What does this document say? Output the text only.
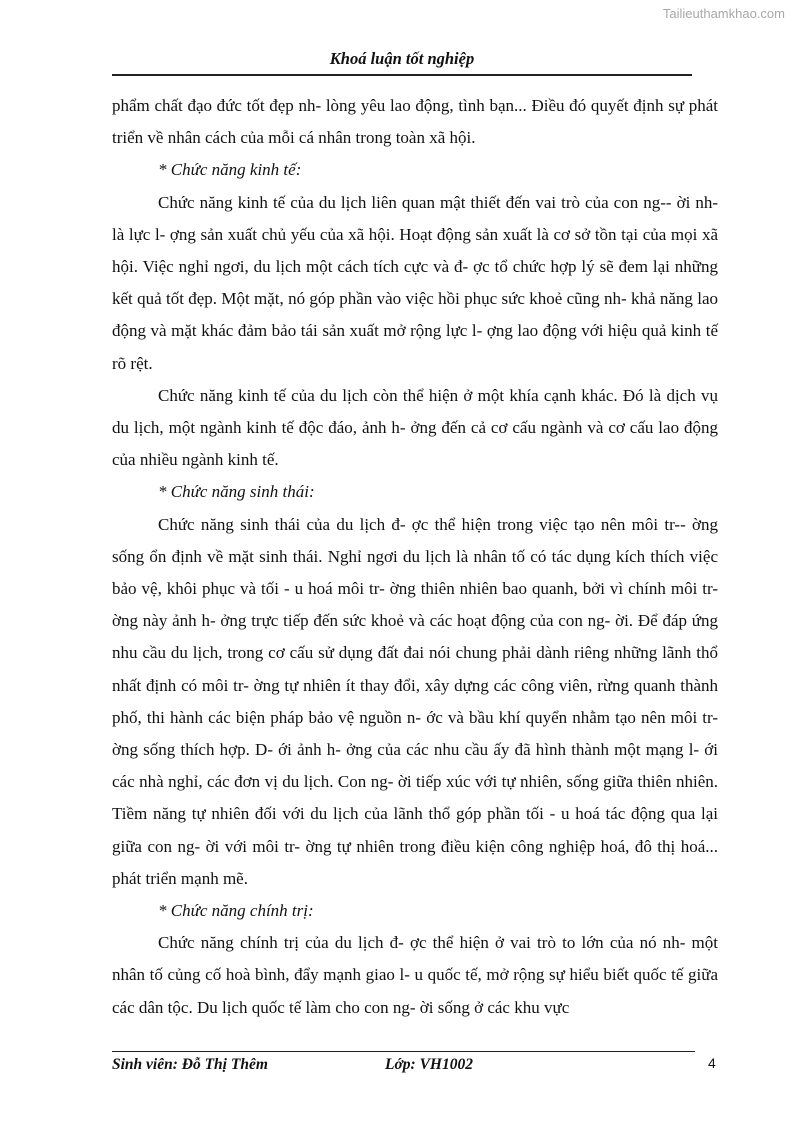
Tailieuthamkhao.com
Khoá luận tốt nghiệp

phẩm chất đạo đức tốt đẹp nh- lòng yêu lao động, tình bạn... Điều đó quyết định sự phát triển về nhân cách của mỗi cá nhân trong toàn xã hội.

* Chức năng kinh tế:

Chức năng kinh tế của du lịch liên quan mật thiết đến vai trò của con ng-- ời nh- là lực l- ợng sản xuất chủ yếu của xã hội. Hoạt động sản xuất là cơ sở tồn tại của mọi xã hội. Việc nghỉ ngơi, du lịch một cách tích cực và đ- ợc tổ chức hợp lý sẽ đem lại những kết quả tốt đẹp. Một mặt, nó góp phần vào việc hồi phục sức khoẻ cũng nh- khả năng lao động và mặt khác đảm bảo tái sản xuất mở rộng lực l- ợng lao động với hiệu quả kinh tế rõ rệt.

Chức năng kinh tế của du lịch còn thể hiện ở một khía cạnh khác. Đó là dịch vụ du lịch, một ngành kinh tế độc đáo, ảnh h- ởng đến cả cơ cấu ngành và cơ cấu lao động của nhiều ngành kinh tế.

* Chức năng sinh thái:

Chức năng sinh thái của du lịch đ- ợc thể hiện trong việc tạo nên môi tr-- ờng sống ổn định về mặt sinh thái. Nghỉ ngơi du lịch là nhân tố có tác dụng kích thích việc bảo vệ, khôi phục và tối - u hoá môi tr- ờng thiên nhiên bao quanh, bởi vì chính môi tr- ờng này ảnh h- ởng trực tiếp đến sức khoẻ và các hoạt động của con ng- ời. Để đáp ứng nhu cầu du lịch, trong cơ cấu sử dụng đất đai nói chung phải dành riêng những lãnh thổ nhất định có môi tr- ờng tự nhiên ít thay đổi, xây dựng các công viên, rừng quanh thành phố, thi hành các biện pháp bảo vệ nguồn n- ớc và bầu khí quyển nhằm tạo nên môi tr- ờng sống thích hợp. D- ới ảnh h- ởng của các nhu cầu ấy đã hình thành một mạng l- ới các nhà nghỉ, các đơn vị du lịch. Con ng- ời tiếp xúc với tự nhiên, sống giữa thiên nhiên. Tiềm năng tự nhiên đối với du lịch của lãnh thổ góp phần tối - u hoá tác động qua lại giữa con ng- ời với môi tr- ờng tự nhiên trong điều kiện công nghiệp hoá, đô thị hoá... phát triển mạnh mẽ.

* Chức năng chính trị:

Chức năng chính trị của du lịch đ- ợc thể hiện ở vai trò to lớn của nó nh- một nhân tố củng cố hoà bình, đẩy mạnh giao l- u quốc tế, mở rộng sự hiểu biết quốc tế giữa các dân tộc. Du lịch quốc tế làm cho con ng- ời sống ở các khu vực

Sinh viên: Đỗ Thị Thêm	Lớp: VH1002	4
